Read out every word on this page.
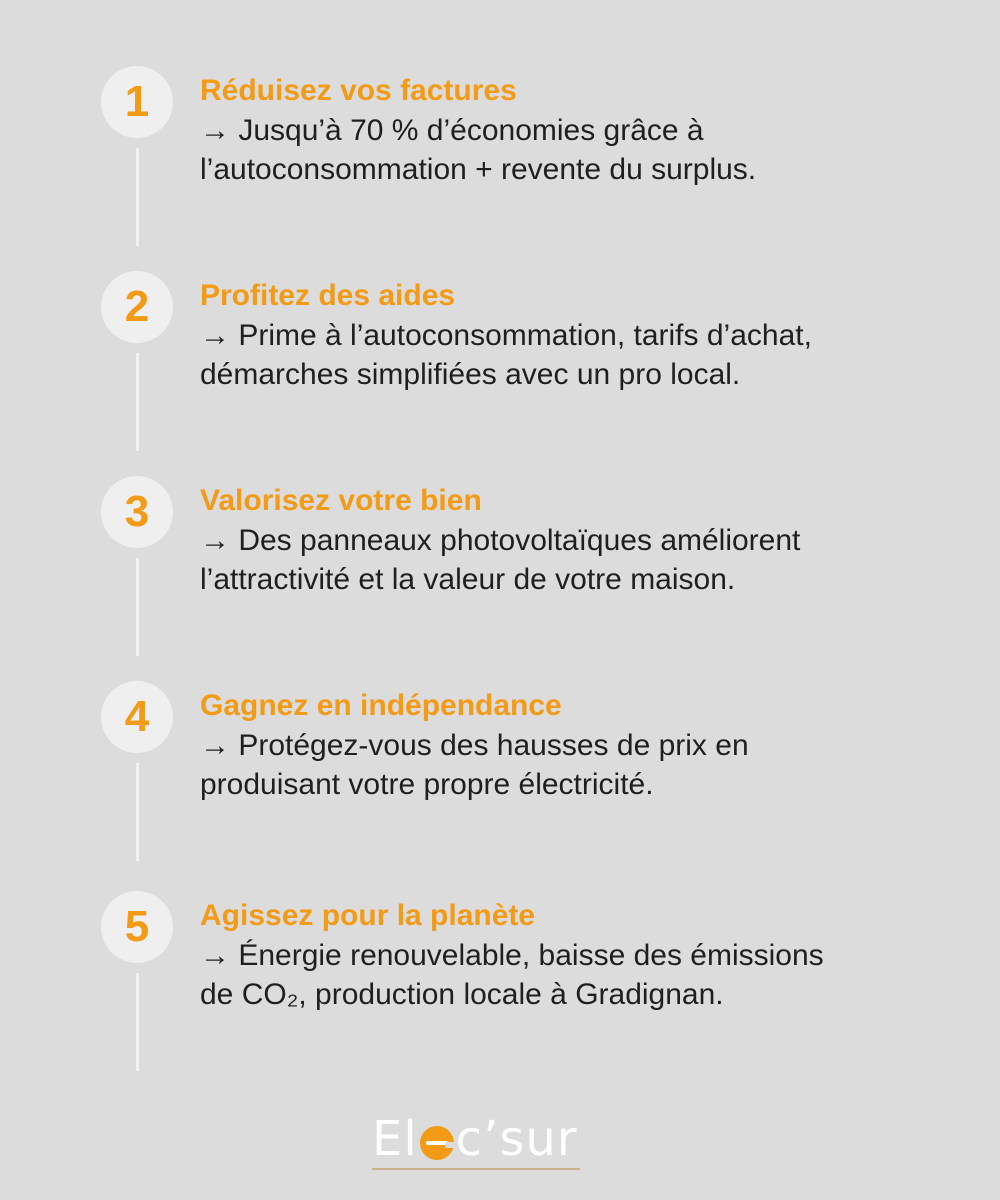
1	Réduisez vos factures

→ Jusqu’à 70 % d’économies grâce à
l’autoconsommation + revente du surplus.

2	Profitez des aides

→ Prime à l’autoconsommation, tarifs d’achat,
démarches simplifiées avec un pro local.

3	Valorisez votre bien

→ Des panneaux photovoltaïques améliorent
l’attractivité et la valeur de votre maison.

4	Gagnez en indépendance

→ Protégez-vous des hausses de prix en
produisant votre propre électricité.

5	Agissez pour la planète

→ Énergie renouvelable, baisse des émissions
de CO₂, production locale à Gradignan.

El c’sur
